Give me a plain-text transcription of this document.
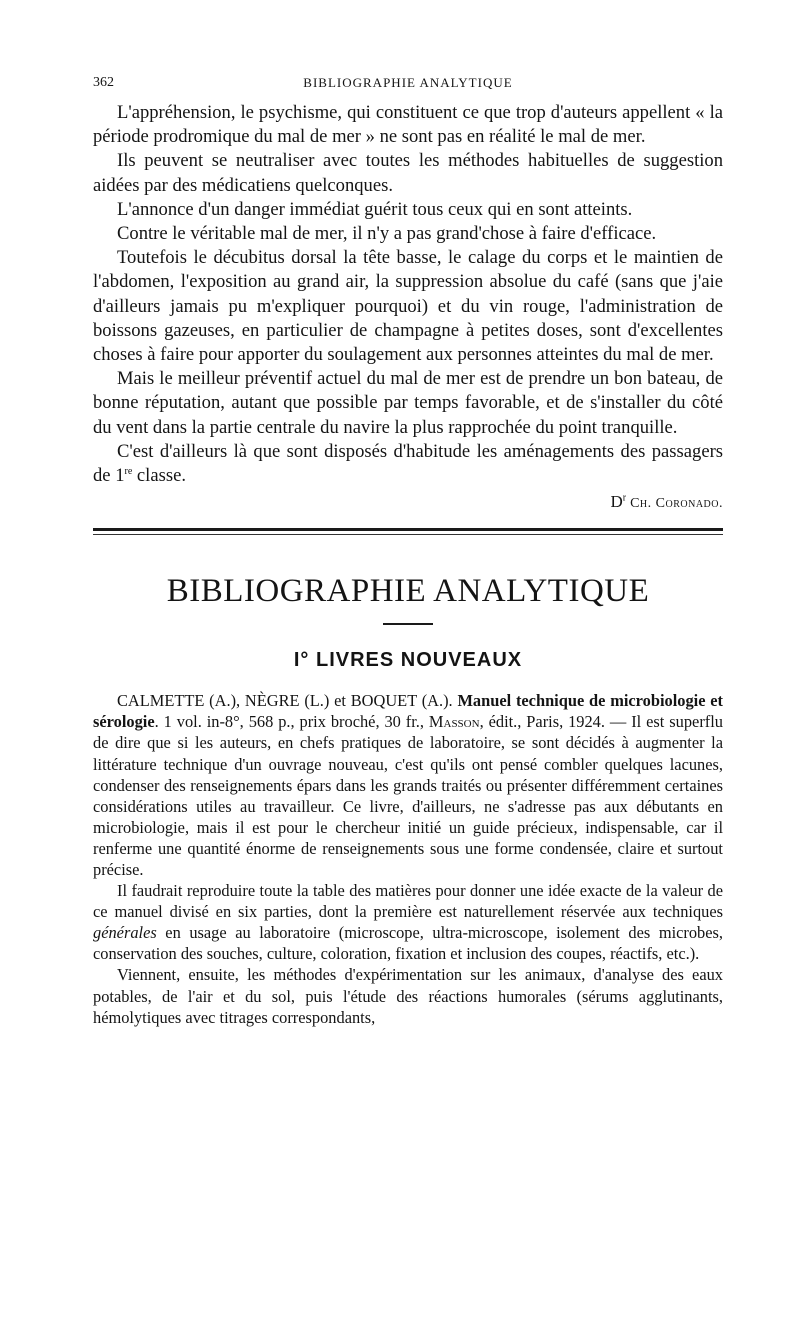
362	BIBLIOGRAPHIE ANALYTIQUE

L'appréhension, le psychisme, qui constituent ce que trop d'auteurs appellent « la période prodromique du mal de mer » ne sont pas en réalité le mal de mer.

Ils peuvent se neutraliser avec toutes les méthodes habituelles de suggestion aidées par des médicatiens quelconques.

L'annonce d'un danger immédiat guérit tous ceux qui en sont atteints.

Contre le véritable mal de mer, il n'y a pas grand'chose à faire d'efficace.

Toutefois le décubitus dorsal la tête basse, le calage du corps et le maintien de l'abdomen, l'exposition au grand air, la suppression absolue du café (sans que j'aie d'ailleurs jamais pu m'expliquer pourquoi) et du vin rouge, l'administration de boissons gazeuses, en particulier de champagne à petites doses, sont d'excellentes choses à faire pour apporter du soulagement aux personnes atteintes du mal de mer.

Mais le meilleur préventif actuel du mal de mer est de prendre un bon bateau, de bonne réputation, autant que possible par temps favorable, et de s'installer du côté du vent dans la partie centrale du navire la plus rapprochée du point tranquille.

C'est d'ailleurs là que sont disposés d'habitude les aménagements des passagers de 1re classe.

$D^r$ Ch. Coronado.
BIBLIOGRAPHIE ANALYTIQUE
I° LIVRES NOUVEAUX

CALMETTE (A.), NÈGRE (L.) et BOQUET (A.). Manuel technique de microbiologie et sérologie. 1 vol. in-8°, 568 p., prix broché, 30 fr., Masson, édit., Paris, 1924. — Il est superflu de dire que si les auteurs, en chefs pratiques de laboratoire, se sont décidés à augmenter la littérature technique d'un ouvrage nouveau, c'est qu'ils ont pensé combler quelques lacunes, condenser des renseignements épars dans les grands traités ou présenter différemment certaines considérations utiles au travailleur. Ce livre, d'ailleurs, ne s'adresse pas aux débutants en microbiologie, mais il est pour le chercheur initié un guide précieux, indispensable, car il renferme une quantité énorme de renseignements sous une forme condensée, claire et surtout précise.

Il faudrait reproduire toute la table des matières pour donner une idée exacte de la valeur de ce manuel divisé en six parties, dont la première est naturellement réservée aux techniques générales en usage au laboratoire (microscope, ultra-microscope, isolement des microbes, conservation des souches, culture, coloration, fixation et inclusion des coupes, réactifs, etc.).

Viennent, ensuite, les méthodes d'expérimentation sur les animaux, d'analyse des eaux potables, de l'air et du sol, puis l'étude des réactions humorales (sérums agglutinants, hémolytiques avec titrages correspondants,
